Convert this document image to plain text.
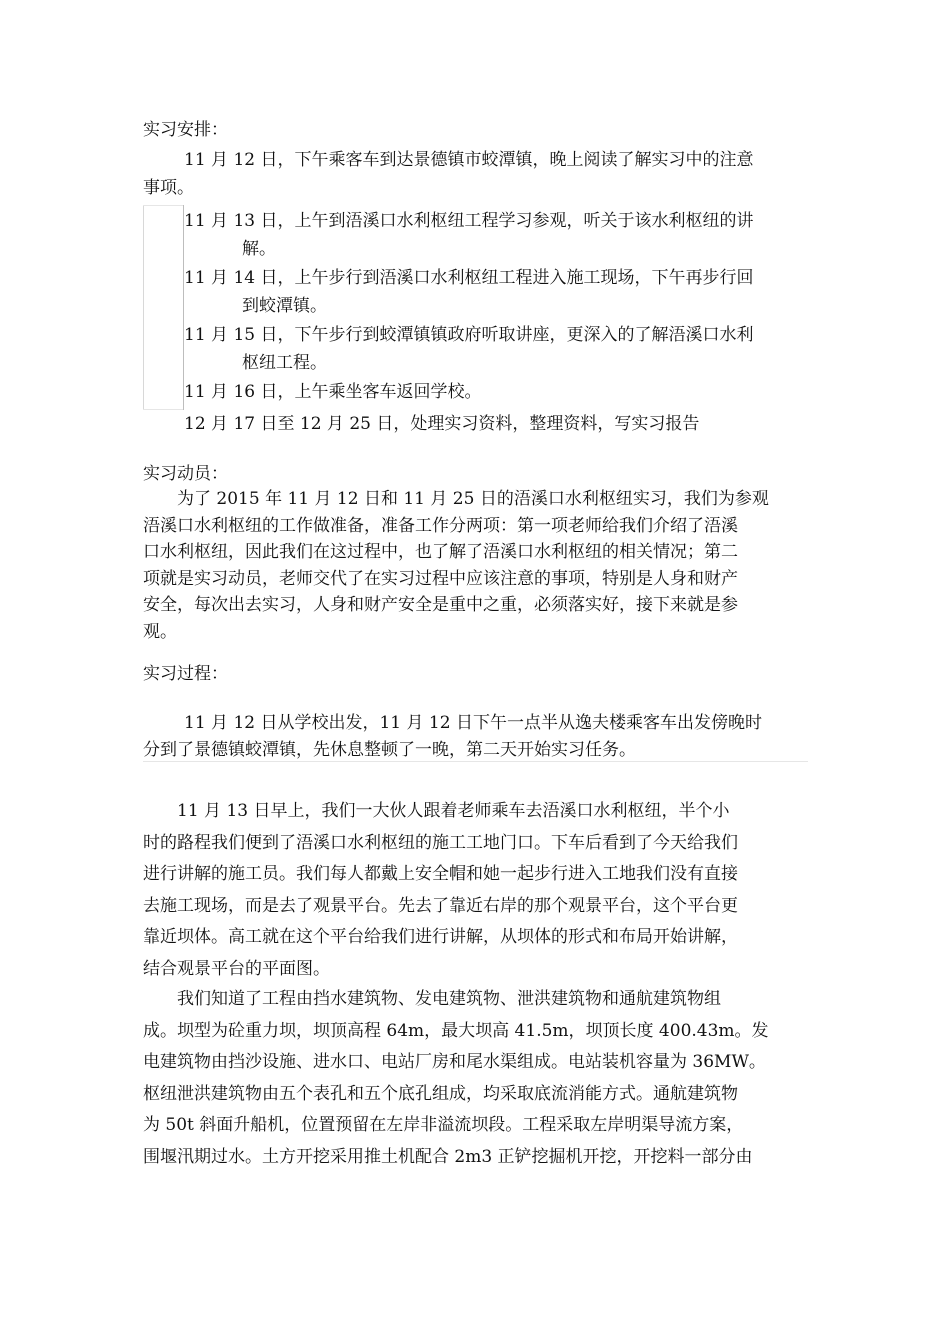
实习安排：
11 月 12 日，下午乘客车到达景德镇市蛟潭镇，晚上阅读了解实习中的注意
事项。
11 月 13 日，上午到浯溪口水利枢纽工程学习参观，听关于该水利枢纽的讲
解。
11 月 14 日，上午步行到浯溪口水利枢纽工程进入施工现场，下午再步行回
到蛟潭镇。
11 月 15 日，下午步行到蛟潭镇镇政府听取讲座，更深入的了解浯溪口水利
枢纽工程。
11 月 16 日，上午乘坐客车返回学校。
12 月 17 日至 12 月 25 日，处理实习资料，整理资料，写实习报告
实习动员：
为了 2015 年 11 月 12 日和 11 月 25 日的浯溪口水利枢纽实习，我们为参观
浯溪口水利枢纽的工作做准备，准备工作分两项：第一项老师给我们介绍了浯溪
口水利枢纽，因此我们在这过程中，也了解了浯溪口水利枢纽的相关情况；第二
项就是实习动员，老师交代了在实习过程中应该注意的事项，特别是人身和财产
安全，每次出去实习，人身和财产安全是重中之重，必须落实好，接下来就是参
观。
实习过程：
11 月 12 日从学校出发，11 月 12 日下午一点半从逸夫楼乘客车出发傍晚时
分到了景德镇蛟潭镇，先休息整顿了一晚，第二天开始实习任务。
11 月 13 日早上，我们一大伙人跟着老师乘车去浯溪口水利枢纽，半个小
时的路程我们便到了浯溪口水利枢纽的施工工地门口。下车后看到了今天给我们
进行讲解的施工员。我们每人都戴上安全帽和她一起步行进入工地我们没有直接
去施工现场，而是去了观景平台。先去了靠近右岸的那个观景平台，这个平台更
靠近坝体。高工就在这个平台给我们进行讲解，从坝体的形式和布局开始讲解，
结合观景平台的平面图。
我们知道了工程由挡水建筑物、发电建筑物、泄洪建筑物和通航建筑物组
成。坝型为砼重力坝，坝顶高程 64m，最大坝高 41.5m，坝顶长度 400.43m。发
电建筑物由挡沙设施、进水口、电站厂房和尾水渠组成。电站装机容量为 36MW。
枢纽泄洪建筑物由五个表孔和五个底孔组成，均采取底流消能方式。通航建筑物
为 50t 斜面升船机，位置预留在左岸非溢流坝段。工程采取左岸明渠导流方案，
围堰汛期过水。土方开挖采用推土机配合 2m3 正铲挖掘机开挖，开挖料一部分由
